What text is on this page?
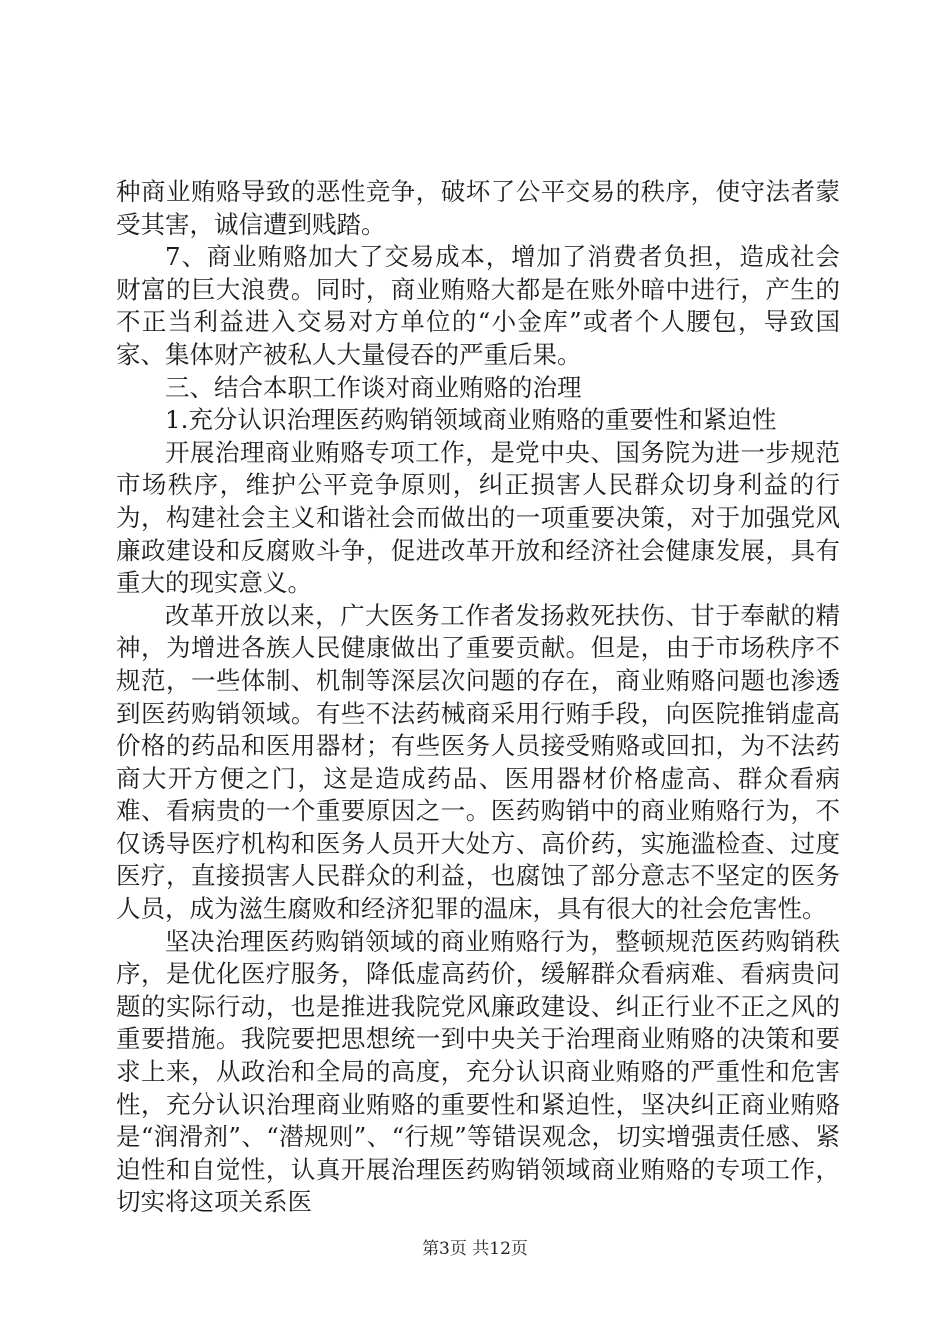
种商业贿赂导致的恶性竞争，破坏了公平交易的秩序，使守法者蒙受其害，诚信遭到贱踏。

7、商业贿赂加大了交易成本，增加了消费者负担，造成社会财富的巨大浪费。同时，商业贿赂大都是在账外暗中进行，产生的不正当利益进入交易对方单位的“小金库”或者个人腰包，导致国家、集体财产被私人大量侵吞的严重后果。

三、结合本职工作谈对商业贿赂的治理

1.充分认识治理医药购销领域商业贿赂的重要性和紧迫性

开展治理商业贿赂专项工作，是党中央、国务院为进一步规范市场秩序，维护公平竞争原则，纠正损害人民群众切身利益的行为，构建社会主义和谐社会而做出的一项重要决策，对于加强党风廉政建设和反腐败斗争，促进改革开放和经济社会健康发展，具有重大的现实意义。

改革开放以来，广大医务工作者发扬救死扶伤、甘于奉献的精神，为增进各族人民健康做出了重要贡献。但是，由于市场秩序不规范，一些体制、机制等深层次问题的存在，商业贿赂问题也渗透到医药购销领域。有些不法药械商采用行贿手段，向医院推销虚高价格的药品和医用器材；有些医务人员接受贿赂或回扣，为不法药商大开方便之门，这是造成药品、医用器材价格虚高、群众看病难、看病贵的一个重要原因之一。医药购销中的商业贿赂行为，不仅诱导医疗机构和医务人员开大处方、高价药，实施滥检查、过度医疗，直接损害人民群众的利益，也腐蚀了部分意志不坚定的医务人员，成为滋生腐败和经济犯罪的温床，具有很大的社会危害性。

坚决治理医药购销领域的商业贿赂行为，整顿规范医药购销秩序，是优化医疗服务，降低虚高药价，缓解群众看病难、看病贵问题的实际行动，也是推进我院党风廉政建设、纠正行业不正之风的重要措施。我院要把思想统一到中央关于治理商业贿赂的决策和要求上来，从政治和全局的高度，充分认识商业贿赂的严重性和危害性，充分认识治理商业贿赂的重要性和紧迫性，坚决纠正商业贿赂是“润滑剂”、“潜规则”、“行规”等错误观念，切实增强责任感、紧迫性和自觉性，认真开展治理医药购销领域商业贿赂的专项工作，切实将这项关系医

第3页 共12页
